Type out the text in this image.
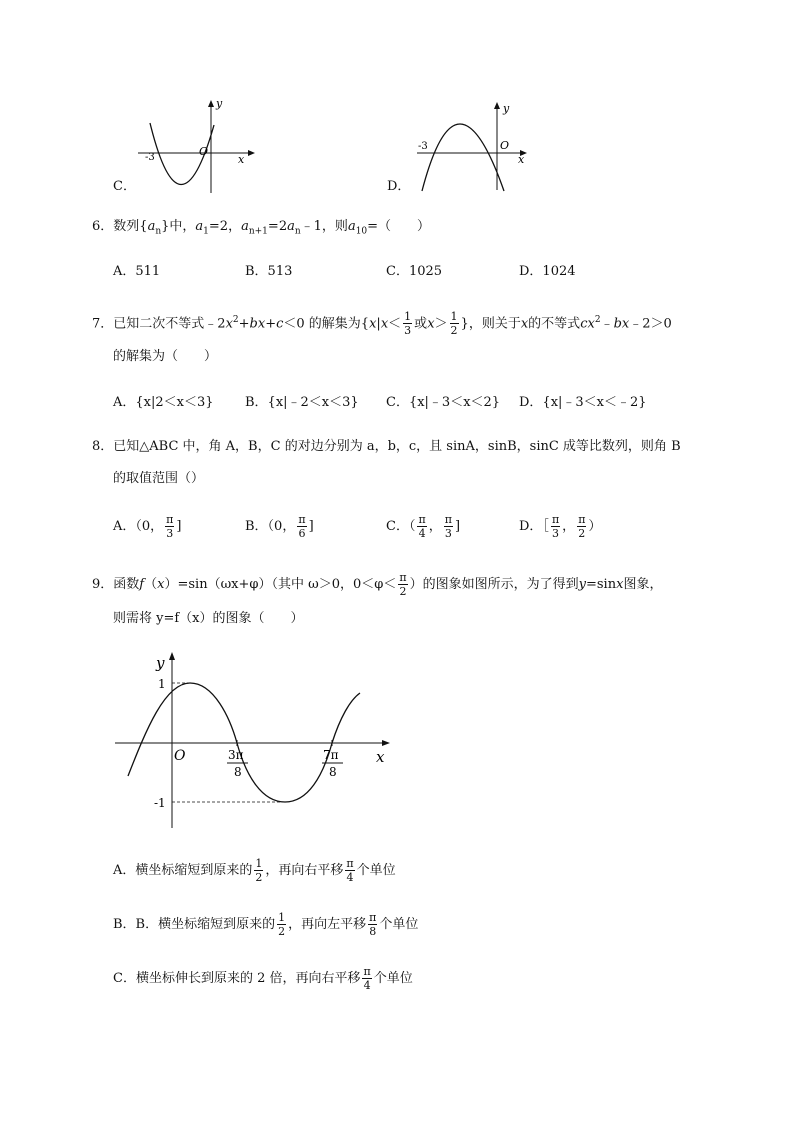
y
x
O
-3
C．
y
x
O
-3
D．
6．数列$\{a_n\}$中，$a_1=2$，$a_{n+1}=2a_n﹣1$，则$a_{10}=$（　　）
A．511	B．513	C．1025	D．1024
7．已知二次不等式$﹣2x^2+bx+c<0$ 的解集为{$x|x< \frac{1}{3}$ 或$x> \frac{1}{2}$ }，则关于x的不等式$cx^2﹣bx﹣2>0$
的解集为（　　）
A．{x|2＜x＜3} B．{x|﹣2＜x＜3} C．{x|﹣3＜x＜2} D．{x|﹣3＜x＜﹣2}
8．已知△ABC 中，角 A，B，C 的对边分别为 a，b，c，且 sinA，sinB，sinC 成等比数列，则角 B
的取值范围（）
A．（0， $\frac{\pi}{3}$ ]	B．（0， $\frac{\pi}{6}$ ]	C．（ $\frac{\pi}{4}$ ， $\frac{\pi}{3}$ ]	D．［ $\frac{\pi}{3}$ ， $\frac{\pi}{2}$ ）
9．函数f（x）=sin（ωx+φ）（其中 ω＞0，$0<\varphi< \frac{\pi}{2}$ ）的图象如图所示，为了得到y=sinx图象，
则需将 y=f（x）的图象（　　）
y
x
O
1
-1
3π
8
7π
8
A．横坐标缩短到原来的 $\frac{1}{2}$ ，再向右平移 $\frac{\pi}{4}$ 个单位
B．B．横坐标缩短到原来的 $\frac{1}{2}$ ，再向左平移 $\frac{\pi}{8}$ 个单位
C．横坐标伸长到原来的 2 倍，再向右平移 $\frac{\pi}{4}$ 个单位
